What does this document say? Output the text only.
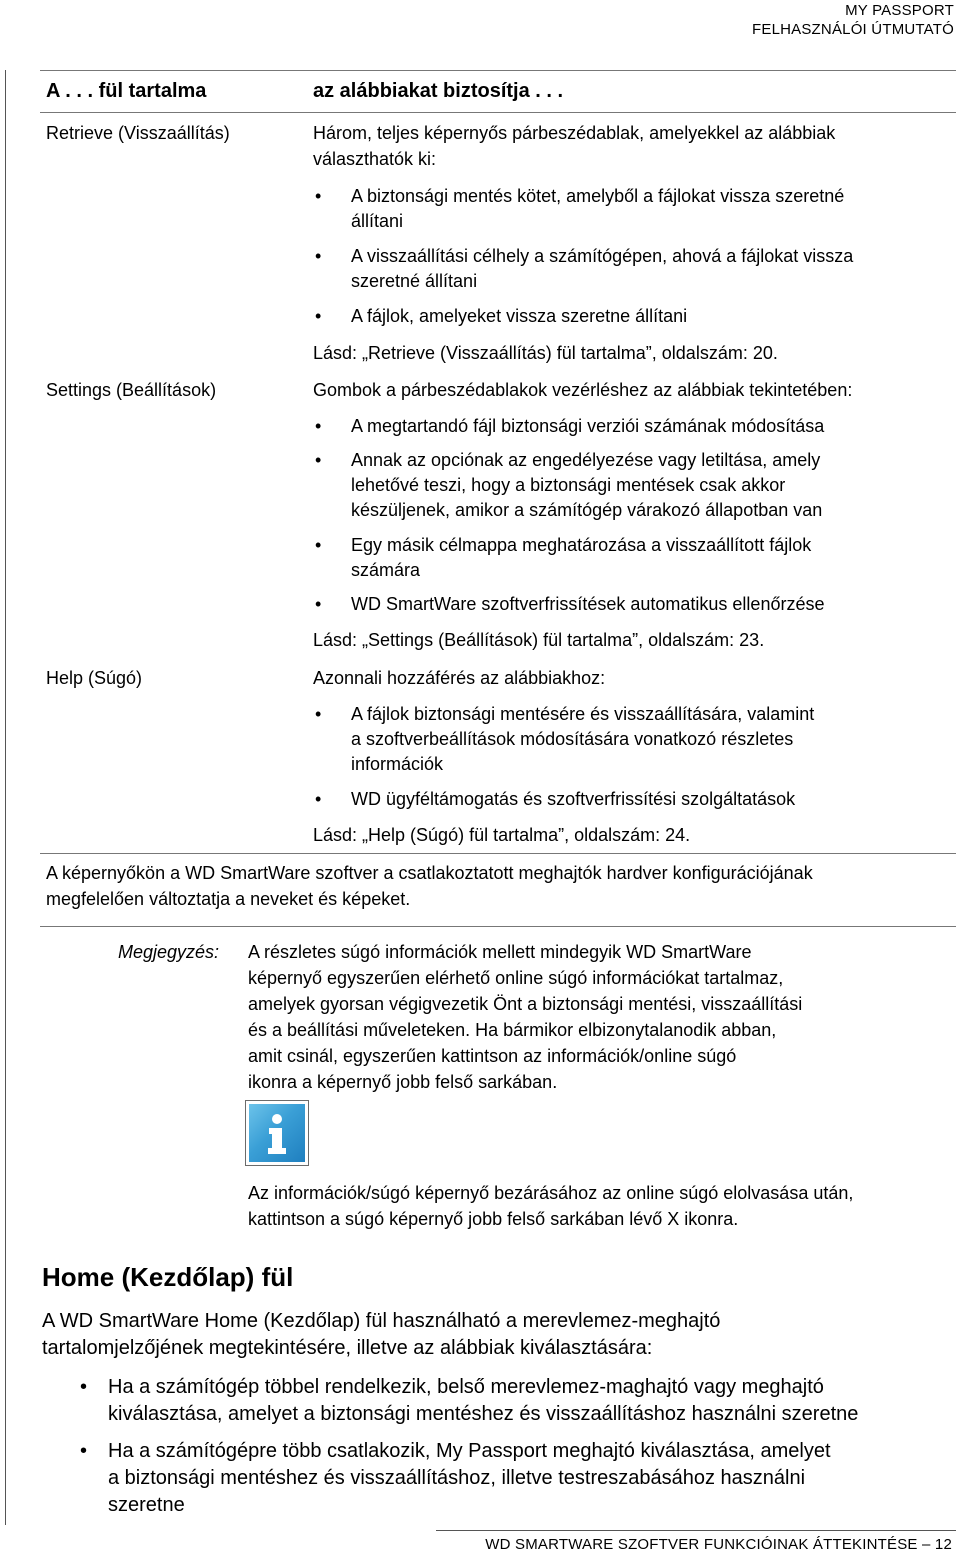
MY PASSPORT
FELHASZNÁLÓI ÚTMUTATÓ
A . . . fül tartalma	az alábbiakat biztosítja . . .
Retrieve (Visszaállítás)	Három, teljes képernyős párbeszédablak, amelyekkel az alábbiak
választhatók ki:
• A biztonsági mentés kötet, amelyből a fájlokat vissza szeretné
állítani
• A visszaállítási célhely a számítógépen, ahová a fájlokat vissza
szeretné állítani
• A fájlok, amelyeket vissza szeretne állítani
Lásd: „Retrieve (Visszaállítás) fül tartalma”, oldalszám: 20.
Settings (Beállítások)	Gombok a párbeszédablakok vezérléshez az alábbiak tekintetében:
• A megtartandó fájl biztonsági verziói számának módosítása
• Annak az opciónak az engedélyezése vagy letiltása, amely
lehetővé teszi, hogy a biztonsági mentések csak akkor
készüljenek, amikor a számítógép várakozó állapotban van
• Egy másik célmappa meghatározása a visszaállított fájlok
számára
• WD SmartWare szoftverfrissítések automatikus ellenőrzése
Lásd: „Settings (Beállítások) fül tartalma”, oldalszám: 23.
Help (Súgó)	Azonnali hozzáférés az alábbiakhoz:
• A fájlok biztonsági mentésére és visszaállítására, valamint
a szoftverbeállítások módosítására vonatkozó részletes
információk
• WD ügyféltámogatás és szoftverfrissítési szolgáltatások
Lásd: „Help (Súgó) fül tartalma”, oldalszám: 24.
A képernyőkön a WD SmartWare szoftver a csatlakoztatott meghajtók hardver konfigurációjának
megfelelően változtatja a neveket és képeket.
Megjegyzés: A részletes súgó információk mellett mindegyik WD SmartWare
képernyő egyszerűen elérhető online súgó információkat tartalmaz,
amelyek gyorsan végigvezetik Önt a biztonsági mentési, visszaállítási
és a beállítási műveleteken. Ha bármikor elbizonytalanodik abban,
amit csinál, egyszerűen kattintson az információk/online súgó
ikonra a képernyő jobb felső sarkában.
Az információk/súgó képernyő bezárásához az online súgó elolvasása után,
kattintson a súgó képernyő jobb felső sarkában lévő X ikonra.
Home (Kezdőlap) fül
A WD SmartWare Home (Kezdőlap) fül használható a merevlemez-meghajtó
tartalomjelzőjének megtekintésére, illetve az alábbiak kiválasztására:
• Ha a számítógép többel rendelkezik, belső merevlemez-maghajtó vagy meghajtó
kiválasztása, amelyet a biztonsági mentéshez és visszaállításhoz használni szeretne
• Ha a számítógépre több csatlakozik, My Passport meghajtó kiválasztása, amelyet
a biztonsági mentéshez és visszaállításhoz, illetve testreszabásához használni
szeretne
WD SMARTWARE SZOFTVER FUNKCIÓINAK ÁTTEKINTÉSE – 12
